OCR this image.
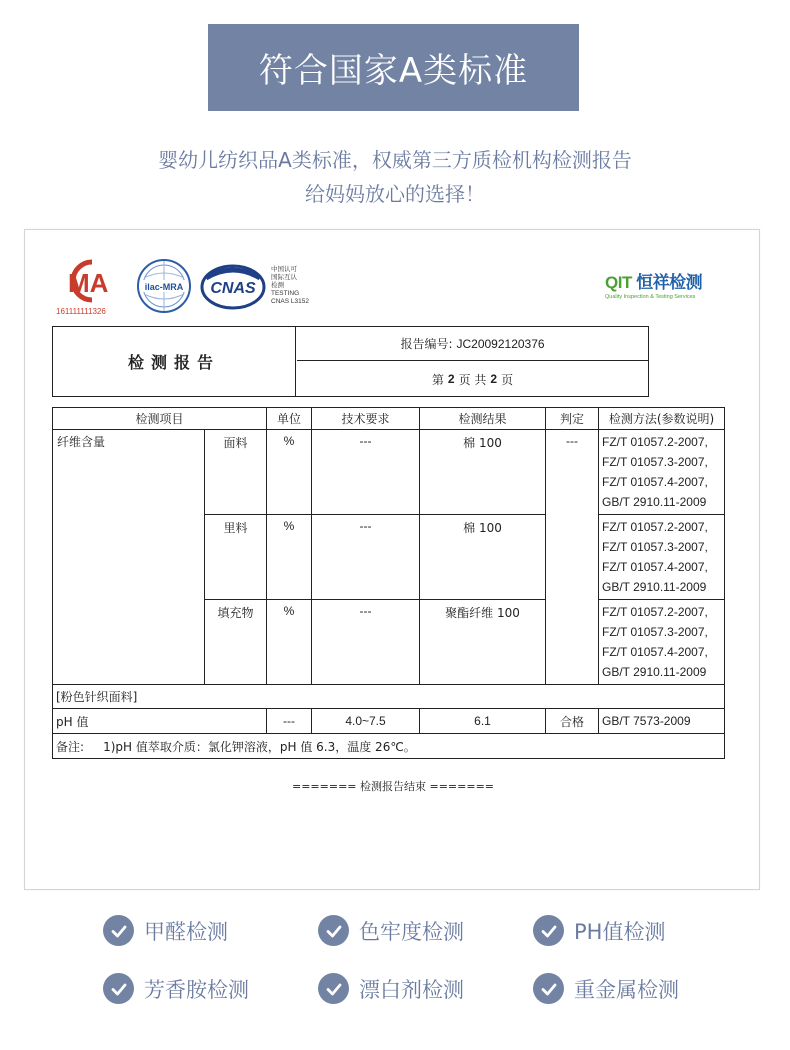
符合国家A类标准
婴幼儿纺织品A类标准，权威第三方质检机构检测报告
给妈妈放心的选择！
MA
161111111326
ilac-MRA CNAS
中国认可
国际互认
检测
TESTING
CNAS L3152
QIT 恒祥检测
Quality Inspection & Testing Services
检测报告
报告编号: JC20092120376
第 2 页 共 2 页
检测项目		单位	技术要求	检测结果	判定	检测方法(参数说明)
纤维含量	面料	%	---	棉 100	---	FZ/T 01057.2-2007,
FZ/T 01057.3-2007,
FZ/T 01057.4-2007,
GB/T 2910.11-2009

	里料	%	---	棉 100		FZ/T 01057.2-2007,
FZ/T 01057.3-2007,
FZ/T 01057.4-2007,
GB/T 2910.11-2009

	填充物	%	---	聚酯纤维 100		FZ/T 01057.2-2007,
FZ/T 01057.3-2007,
FZ/T 01057.4-2007,
GB/T 2910.11-2009

[粉色针织面料]						
pH 值		---	4.0~7.5	6.1	合格	GB/T 7573-2009
备注:     1)pH 值萃取介质：氯化钾溶液，pH 值 6.3，温度 26℃。						
======= 检测报告结束 =======
甲醛检测	色牢度检测	PH值检测
芳香胺检测	漂白剂检测	重金属检测
